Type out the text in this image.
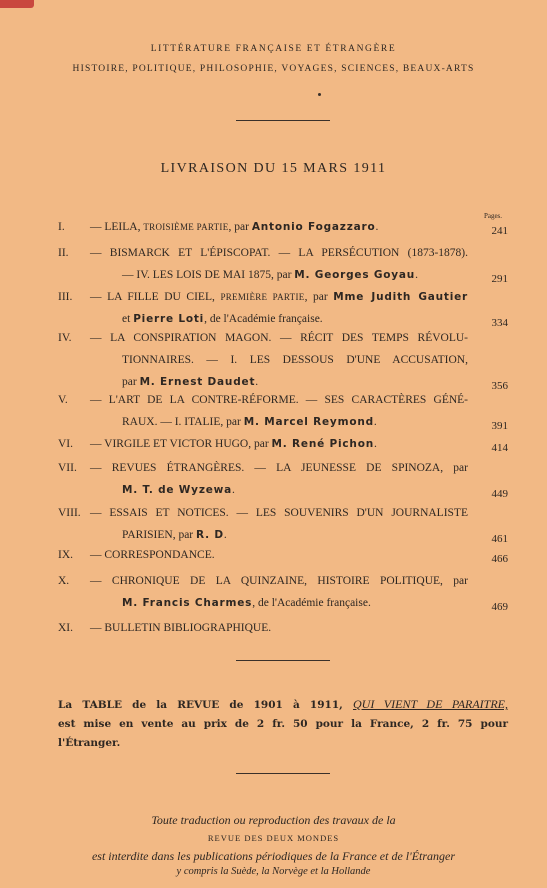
LITTÉRATURE FRANÇAISE ET ÉTRANGÈRE
HISTOIRE, POLITIQUE, PHILOSOPHIE, VOYAGES, SCIENCES, BEAUX-ARTS
LIVRAISON DU 15 MARS 1911
Pages.
I.	— LEILA, TROISIÈME PARTIE, par Antonio Fogazzaro.	241
II.	— BISMARCK ET L'ÉPISCOPAT. — LA PERSÉCUTION (1873-1878).
— IV. LES LOIS DE MAI 1875, par M. Georges Goyau.	291
III.	— LA FILLE DU CIEL, PREMIÈRE PARTIE, par Mme Judith Gautier
et Pierre Loti, de l'Académie française.	334
IV.	— LA CONSPIRATION MAGON. — RÉCIT DES TEMPS RÉVOLU-
TIONNAIRES. — I. LES DESSOUS D'UNE ACCUSATION,
par M. Ernest Daudet.	356
V.	— L'ART DE LA CONTRE-RÉFORME. — SES CARACTÈRES GÉNÉ-
RAUX. — I. ITALIE, par M. Marcel Reymond.	391
VI.	— VIRGILE ET VICTOR HUGO, par M. René Pichon.	414
VII.	— REVUES ÉTRANGÈRES. — LA JEUNESSE DE SPINOZA, par
M. T. de Wyzewa.	449
VIII. — ESSAIS ET NOTICES. — LES SOUVENIRS D'UN JOURNALISTE
PARISIEN, par R. D.	461
IX.	— CORRESPONDANCE.	466
X.	— CHRONIQUE DE LA QUINZAINE, HISTOIRE POLITIQUE, par
M. Francis Charmes, de l'Académie française.	469
XI.	— BULLETIN BIBLIOGRAPHIQUE.
La TABLE de la REVUE de 1901 à 1911, QUI VIENT DE PARAITRE,
est mise en vente au prix de 2 fr. 50 pour la France, 2 fr. 75 pour
l'Étranger.
Toute traduction ou reproduction des travaux de la
REVUE DES DEUX MONDES
est interdite dans les publications périodiques de la France et de l'Étranger
y compris la Suède, la Norvège et la Hollande
